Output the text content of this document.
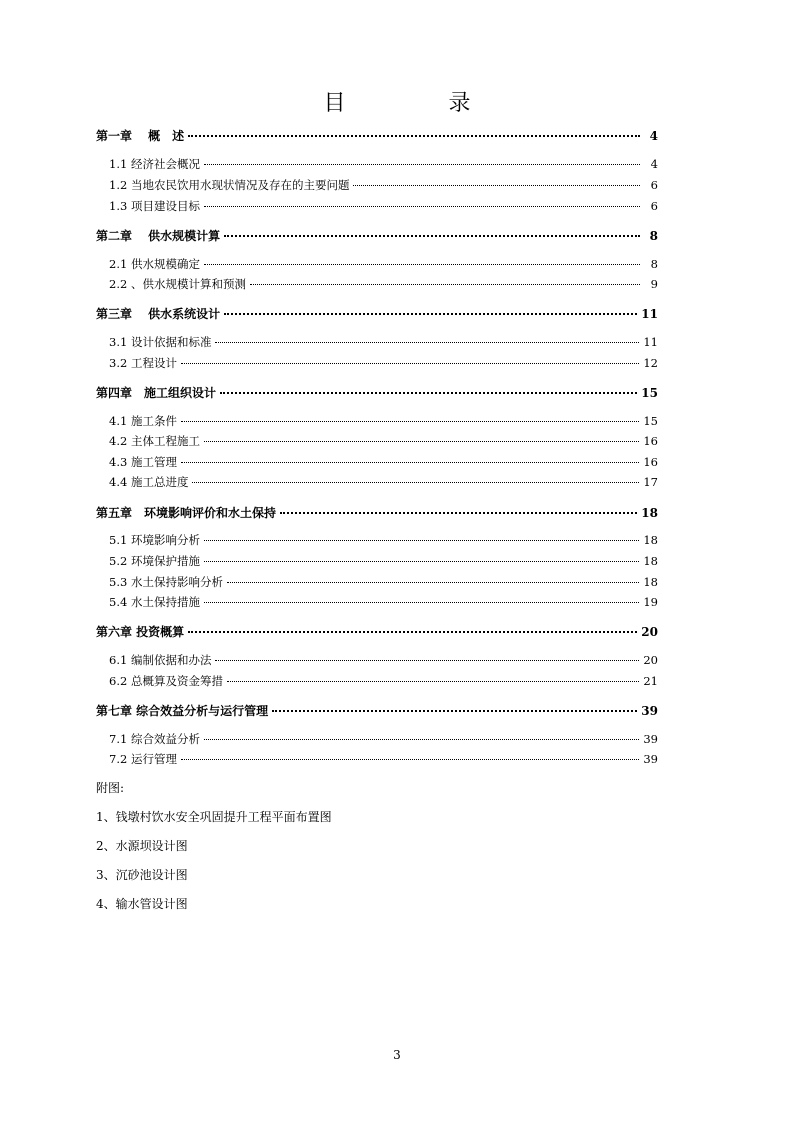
目 录
第一章　 概　述	4
1.1 经济社会概况	4
1.2 当地农民饮用水现状情况及存在的主要问题	6
1.3 项目建设目标	6
第二章　 供水规模计算	8
2.1 供水规模确定	8
2.2 、供水规模计算和预测	9
第三章　 供水系统设计	11
3.1 设计依据和标准	11
3.2 工程设计	12
第四章　施工组织设计	15
4.1 施工条件	15
4.2 主体工程施工	16
4.3 施工管理	16
4.4 施工总进度	17
第五章　环境影响评价和水土保持	18
5.1 环境影响分析	18
5.2 环境保护措施	18
5.3 水土保持影响分析	18
5.4 水土保持措施	19
第六章 投资概算	20
6.1 编制依据和办法	20
6.2 总概算及资金筹措	21
第七章 综合效益分析与运行管理	39
7.1 综合效益分析	39
7.2 运行管理	39
附图:
1、钱墩村饮水安全巩固提升工程平面布置图
2、水源坝设计图
3、沉砂池设计图
4、输水管设计图
3
